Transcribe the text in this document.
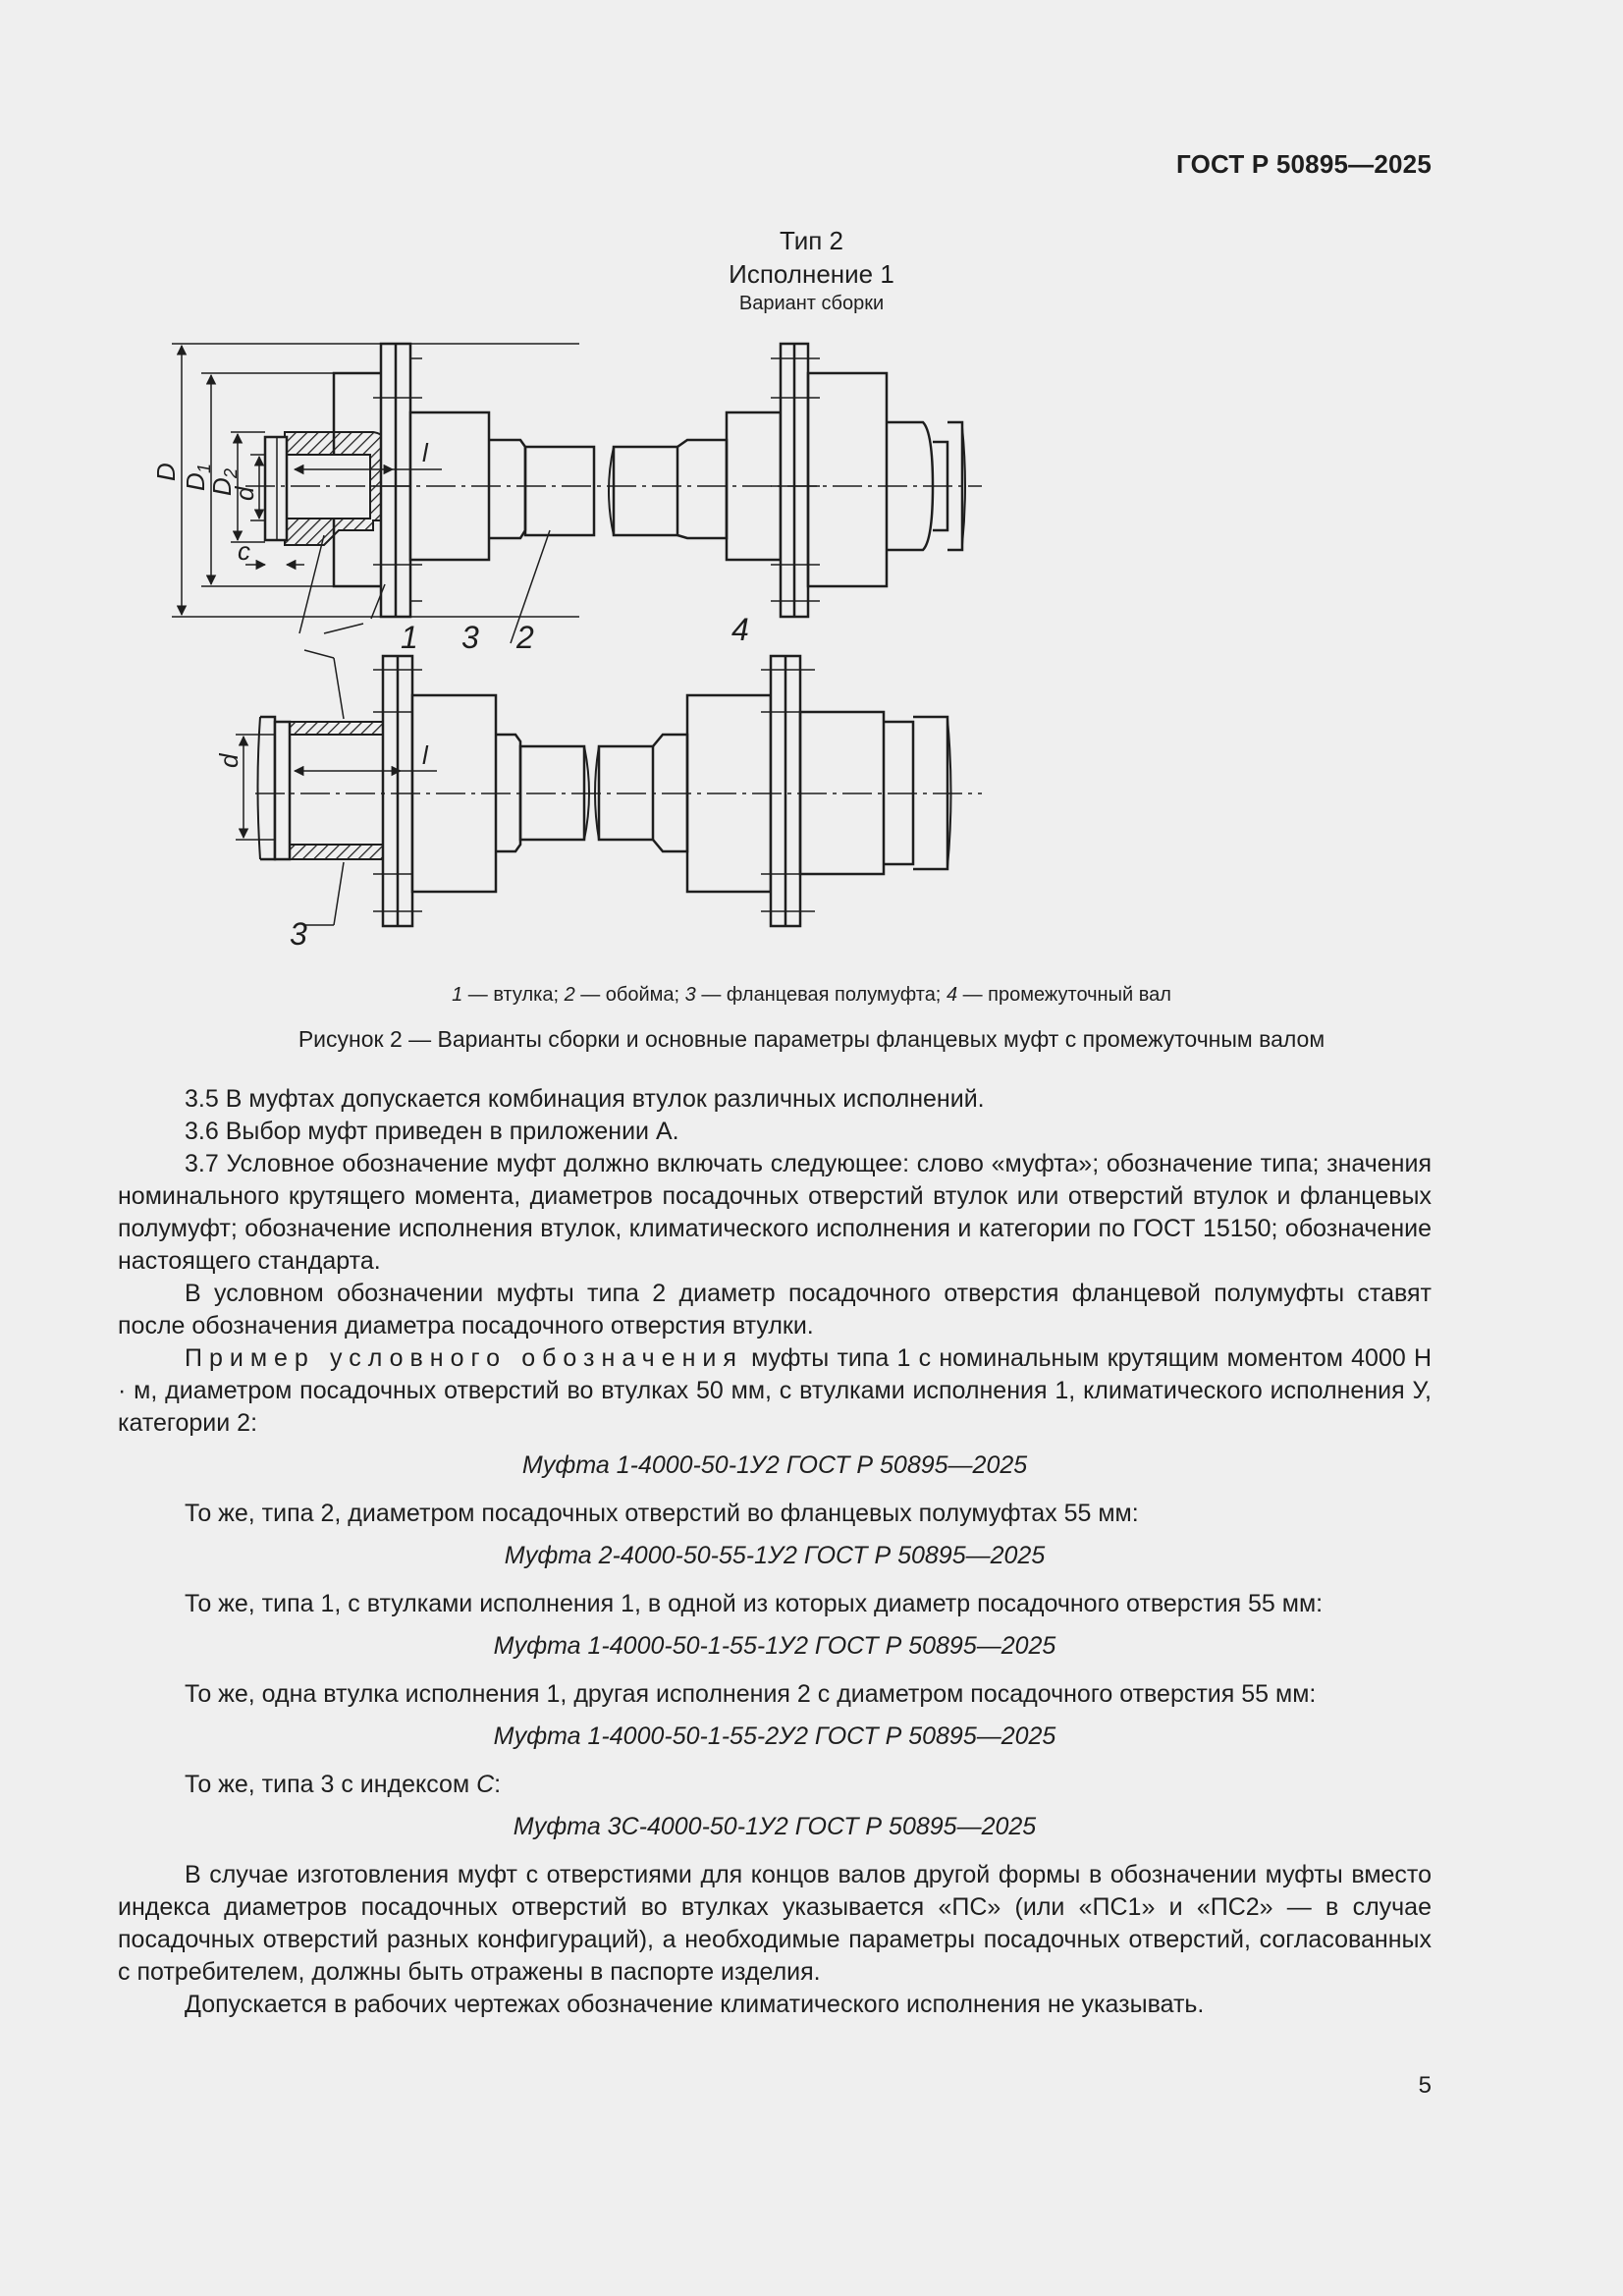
ГОСТ Р 50895—2025
Тип 2
Исполнение 1
Вариант сборки
D
D
1
D
2
d
c
l
1 3 2	4
d	l
3
1 — втулка; 2 — обойма; 3 — фланцевая полумуфта; 4 — промежуточный вал
Рисунок 2 — Варианты сборки и основные параметры фланцевых муфт с промежуточным валом

3.5 В муфтах допускается комбинация втулок различных исполнений.

3.6 Выбор муфт приведен в приложении А.

3.7 Условное обозначение муфт должно включать следующее: слово «муфта»; обозначение типа; значения номинального крутящего момента, диаметров посадочных отверстий втулок или отверстий втулок и фланцевых полумуфт; обозначение исполнения втулок, климатического исполнения и категории по ГОСТ 15150; обозначение настоящего стандарта.

В условном обозначении муфты типа 2 диаметр посадочного отверстия фланцевой полумуфты ставят после обозначения диаметра посадочного отверстия втулки.

Пример условного обозначения муфты типа 1 с номинальным крутящим моментом 4000 Н · м, диаметром посадочных отверстий во втулках 50 мм, с втулками исполнения 1, климатического исполнения У, категории 2:

Муфта 1-4000-50-1У2 ГОСТ Р 50895—2025

То же, типа 2, диаметром посадочных отверстий во фланцевых полумуфтах 55 мм:

Муфта 2-4000-50-55-1У2 ГОСТ Р 50895—2025

То же, типа 1, с втулками исполнения 1, в одной из которых диаметр посадочного отверстия 55 мм:

Муфта 1-4000-50-1-55-1У2 ГОСТ Р 50895—2025

То же, одна втулка исполнения 1, другая исполнения 2 с диаметром посадочного отверстия 55 мм:

Муфта 1-4000-50-1-55-2У2 ГОСТ Р 50895—2025

То же, типа 3 с индексом С:

Муфта 3С-4000-50-1У2 ГОСТ Р 50895—2025

В случае изготовления муфт с отверстиями для концов валов другой формы в обозначении муфты вместо индекса диаметров посадочных отверстий во втулках указывается «ПС» (или «ПС1» и «ПС2» — в случае посадочных отверстий разных конфигураций), а необходимые параметры посадочных отверстий, согласованных с потребителем, должны быть отражены в паспорте изделия.

Допускается в рабочих чертежах обозначение климатического исполнения не указывать.

5
